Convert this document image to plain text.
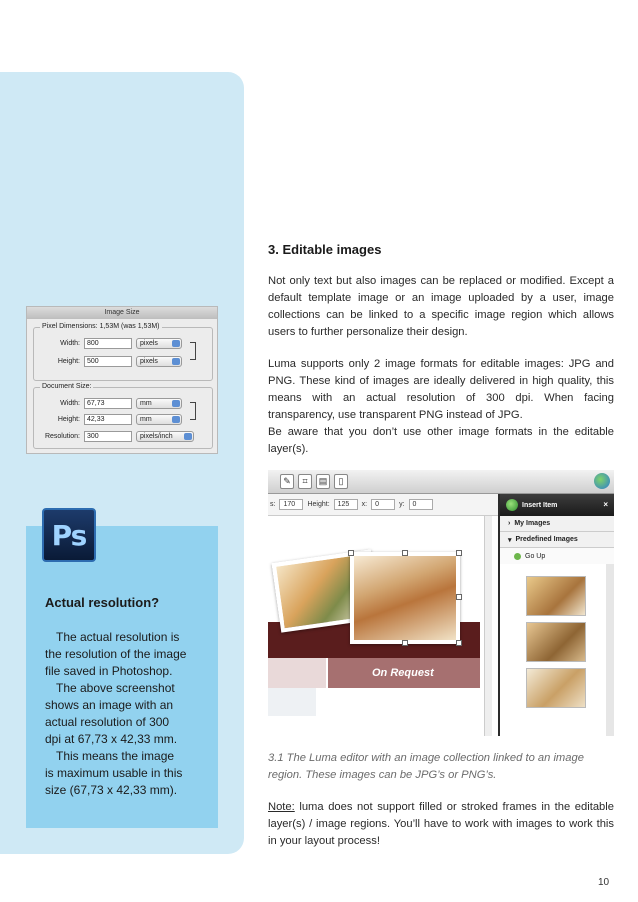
Image Size
Pixel Dimensions: 1,53M (was 1,53M)
Width:	800	pixels
Height:	500	pixels
Document Size:
Width:	67,73	mm
Height:	42,33	mm
Resolution:	300	pixels/inch
Actual resolution?

The actual resolution is

the resolution of the image

file saved in Photoshop.

The above screenshot

shows an image with an

actual resolution of 300

dpi at 67,73 x 42,33 mm.

This means the image

is maximum usable in this

size (67,73 x 42,33 mm).

Ps
3. Editable images

Not only text but also images can be replaced or modified. Except a default template image or an image uploaded by a user, image collections can be linked to a specific image region which allows users to further personalize their design.

Luma supports only 2 image formats for editable images: JPG and PNG. These kind of images are ideally delivered in high quality, this means with an actual resolution of 300 dpi. When facing transparency, use transparent PNG instead of JPG.

Be aware that you don’t use other image formats in the editable layer(s).

✎	⌗	▤	▯
s:	170	Height:	125	x:	0	y:	0
On Request
Insert Item	×
› My Images
▾ Predefined Images
Go Up

3.1 The Luma editor with an image collection linked to an image region. These images can be JPG’s or PNG’s.

Note: luma does not support filled or stroked frames in the editable layer(s) / image regions. You’ll have to work with images to work this in your layout process!

10
